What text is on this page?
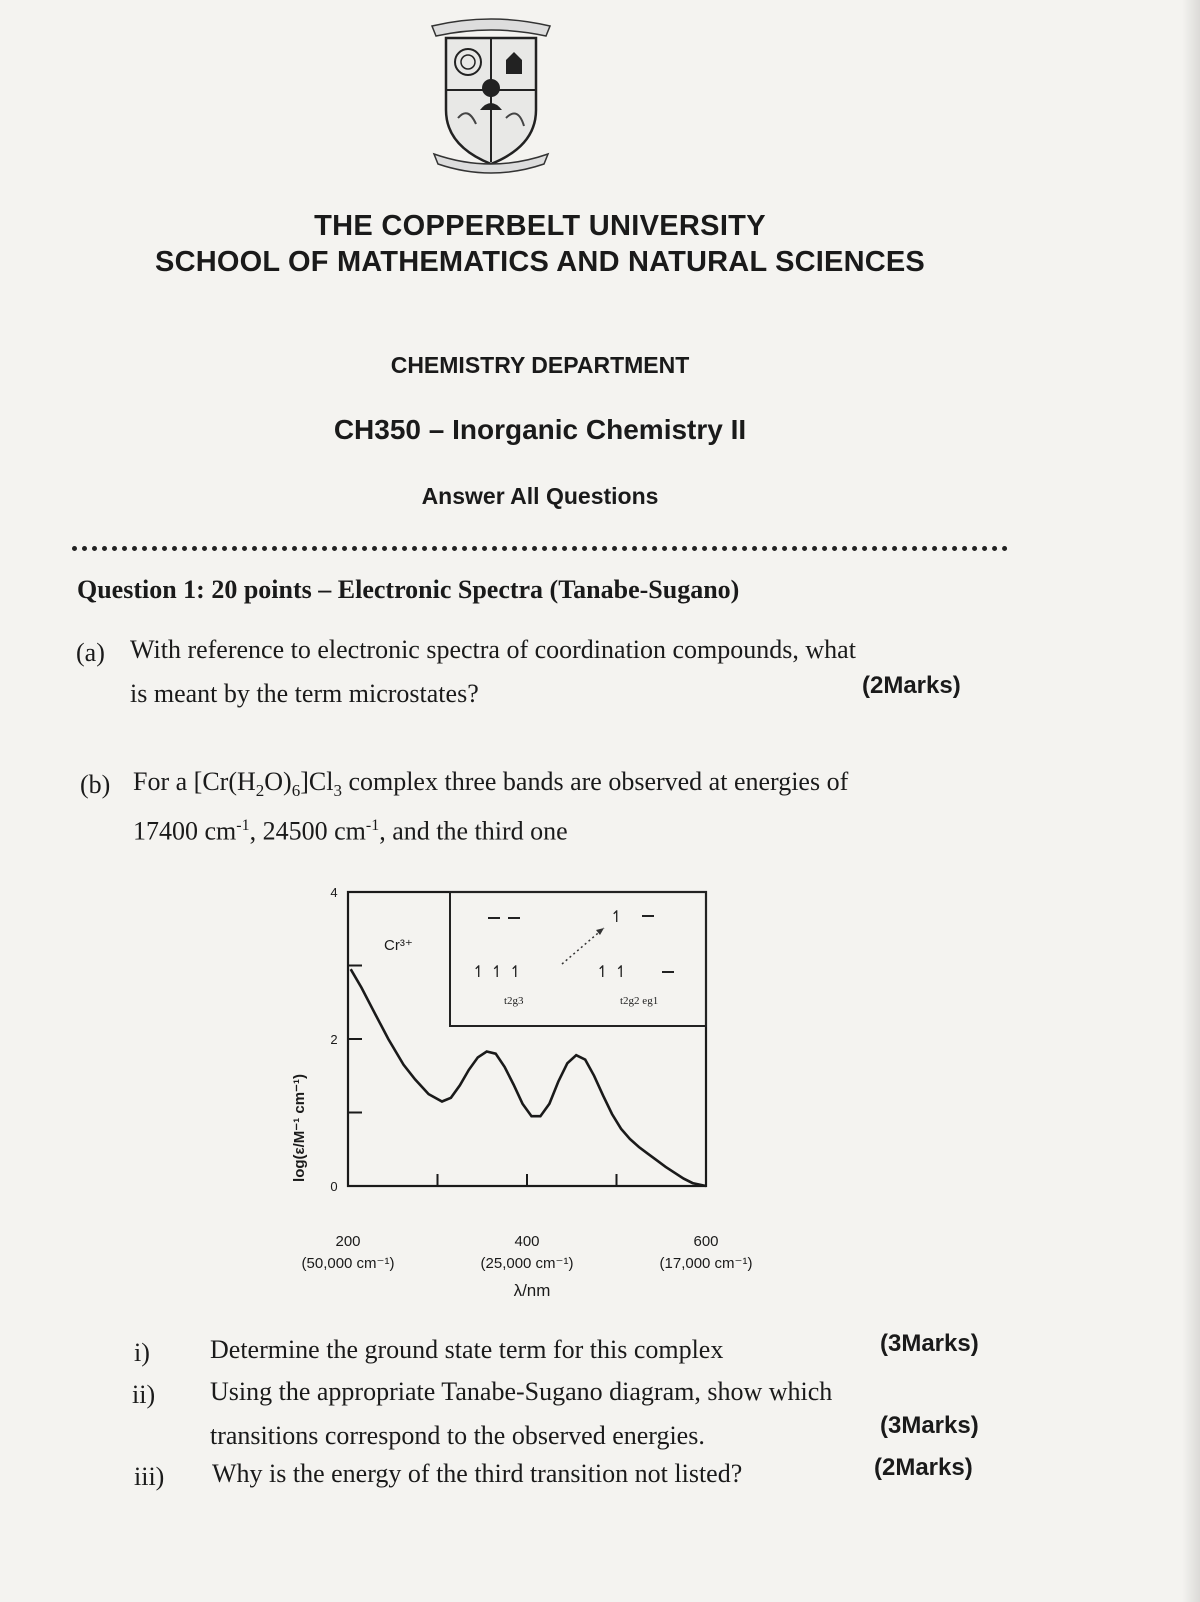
THE COPPERBELT UNIVERSITY
SCHOOL OF MATHEMATICS AND NATURAL SCIENCES
CHEMISTRY DEPARTMENT
CH350 – Inorganic Chemistry II
Answer All Questions
Question 1: 20 points – Electronic Spectra (Tanabe-Sugano)
(a) With reference to electronic spectra of coordination compounds, what
is meant by the term microstates?	(2Marks)
(b) For a $[Cr(H_2O)_6]Cl_3$ complex three bands are observed at energies of
17400 $cm^{-1}$, 24500 $cm^{-1}$, and the third one
log(ε/M⁻¹ cm⁻¹)
0
2
4
200
(50,000 cm⁻¹)
400
(25,000 cm⁻¹)
600
(17,000 cm⁻¹)
↿ ↿ ↿
t2g3
↿
↿ ↿
t2g2 eg1
Cr³⁺
λ/nm
i) Determine the ground state term for this complex	(3Marks)
ii) Using the appropriate Tanabe-Sugano diagram, show which
transitions correspond to the observed energies.	(3Marks)
iii) Why is the energy of the third transition not listed?	(2Marks)
